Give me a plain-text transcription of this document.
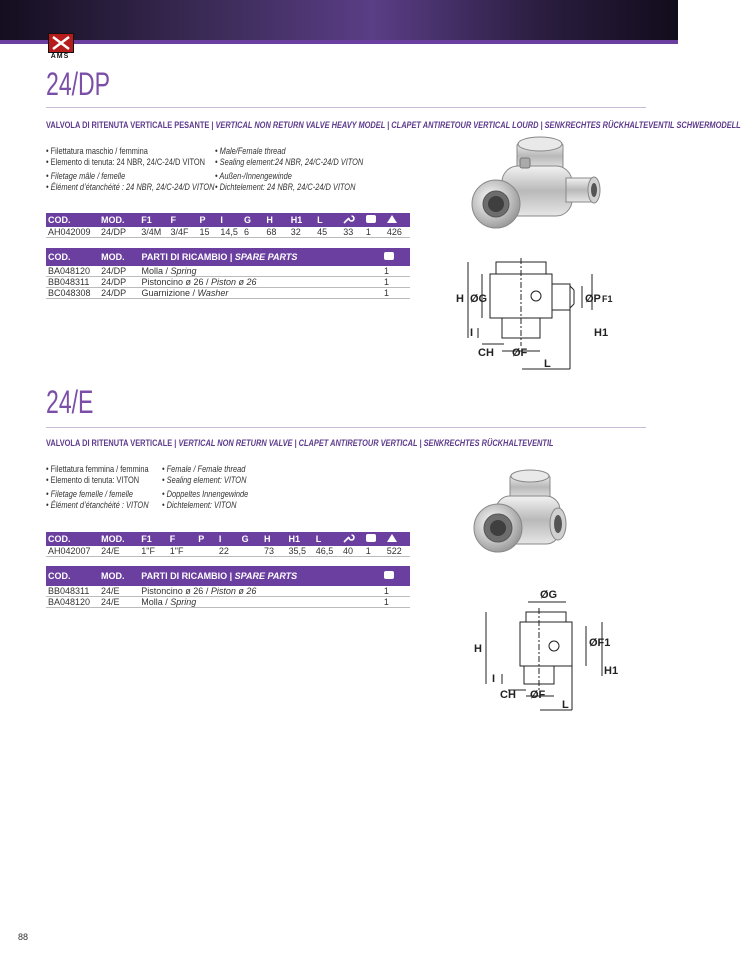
AMS
24/DP
VALVOLA DI RITENUTA VERTICALE PESANTE | VERTICAL NON RETURN VALVE HEAVY MODEL | CLAPET ANTIRETOUR VERTICAL LOURD | SENKRECHTES RÜCKHALTEVENTIL SCHWERMODELL
• Filettatura maschio / femmina
• Elemento di tenuta: 24 NBR, 24/C-24/D VITON
• Filetage mâle / femelle
• Élément d’étanchéité : 24 NBR, 24/C-24/D VITON
• Male/Female thread
• Sealing element:24 NBR, 24/C-24/D VITON
• Außen-/Innengewinde
• Dichtelement: 24 NBR, 24/C-24/D VITON
COD.	MOD.	F1	F	P	I	G	H	H1	L			
AH042009	24/DP	3/4M	3/4F	15	14,5	6	68	32	45	33	1	426
COD.	MOD.	PARTI DI RICAMBIO | SPARE PARTS	
BA048120	24/DP	Molla / Spring	1
BB048311	24/DP	Pistoncino ø 26 / Piston ø 26	1
BC048308	24/DP	Guarnizione / Washer	1	H ØG	ØP F1
H1
I
CH ØF
L
24/E
VALVOLA DI RITENUTA VERTICALE | VERTICAL NON RETURN VALVE | CLAPET ANTIRETOUR VERTICAL | SENKRECHTES RÜCKHALTEVENTIL
• Filettatura femmina / femmina
• Elemento di tenuta: VITON
• Filetage femelle / femelle
• Élément d’étanchéité : VITON
• Female / Female thread
• Sealing element: VITON
• Doppeltes Innengewinde
• Dichtelement: VITON
COD.	MOD.	F1	F	P	I	G	H	H1	L			
AH042007	24/E	1"F	1"F		22		73	35,5	46,5	40	1	522
COD.	MOD.	PARTI DI RICAMBIO | SPARE PARTS	
BB048311	24/E	Pistoncino ø 26 / Piston ø 26	1
BA048120	24/E	Molla / Spring	1
ØG
H	ØF1
H1
I
CH ØF
L
88
